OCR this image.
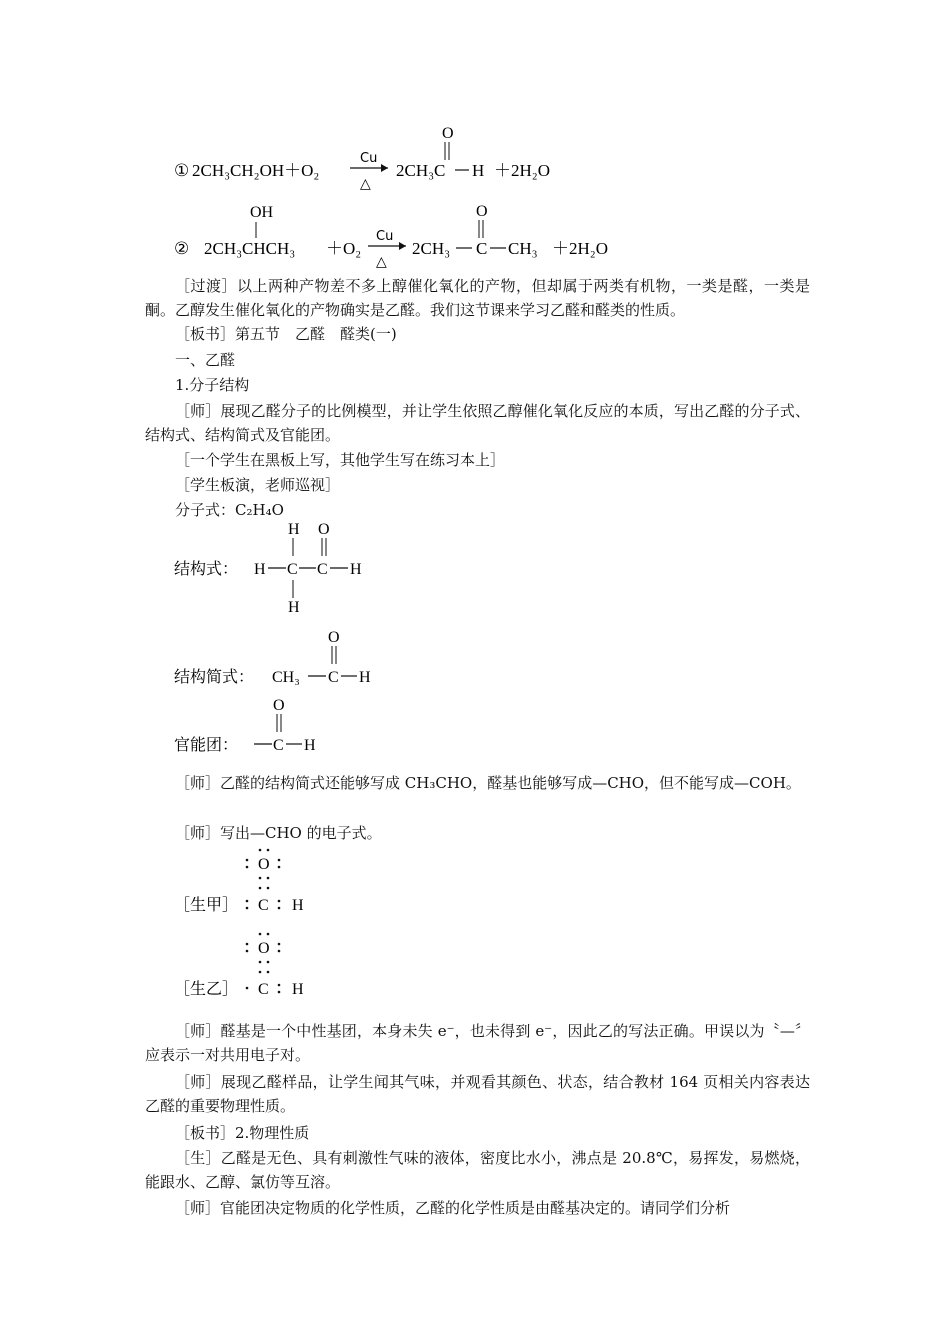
① 2CH₃CH₂OH＋O₂
Cu
△
2CH₃C
O
H ＋2H₂O
②
OH
2CH₃CHCH₃ ＋O₂
Cu
△
2CH₃ C
O
CH₃ ＋2H₂O

［过渡］以上两种产物差不多上醇催化氧化的产物，但却属于两类有机物，一类是醛，一类是酮。乙醇发生催化氧化的产物确实是乙醛。我们这节课来学习乙醛和醛类的性质。

［板书］第五节　乙醛　醛类(一)
一、乙醛
1.分子结构

［师］展现乙醛分子的比例模型，并让学生依照乙醇催化氧化反应的本质，写出乙醛的分子式、结构式、结构简式及官能团。

［一个学生在黑板上写，其他学生写在练习本上］
［学生板演，老师巡视］
分子式：C₂H₄O
结构式：
H O
H C C H
H
结构简式： CH₃
O
C H
官能团：
O
C H

［师］乙醛的结构简式还能够写成 CH₃CHO，醛基也能够写成—CHO，但不能写成—COH。

［师］写出—CHO 的电子式。
O
［生甲］ C H
O
［生乙］ C H

［师］醛基是一个中性基团，本身未失 e⁻，也未得到 e⁻，因此乙的写法正确。甲误以为〝—〞应表示一对共用电子对。

［师］展现乙醛样品，让学生闻其气味，并观看其颜色、状态，结合教材 164 页相关内容表达乙醛的重要物理性质。

［板书］2.物理性质

［生］乙醛是无色、具有刺激性气味的液体，密度比水小，沸点是 20.8℃，易挥发，易燃烧，能跟水、乙醇、氯仿等互溶。

［师］官能团决定物质的化学性质，乙醛的化学性质是由醛基决定的。请同学们分析
